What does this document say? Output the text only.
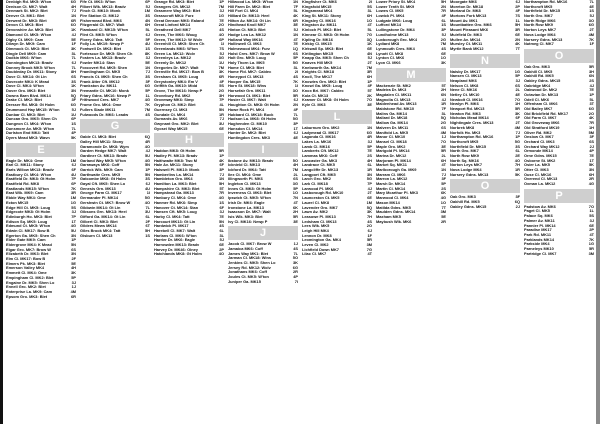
6G
Denbigh Rd. MK5: W'ton
4H
Denison Ct. MK7: Walt
7J
Denmark St. MK2: Blet
1N
Denver Ct. MK1: Blet
6R
Derwent Dr. MK3: Blet
6O
Devon Cl. MK3: Blet
1K
Devonshire Av. MK3: Blet
4J
Diamond Ct. MK5: W'ton
5E
Digby Ct. MK9: Cam
1F
Dilwyn Dr. MK9: Cam
3K
Dimmock Ct. MK3: Blet
3L
Dingle Dell MK9: Cam
7L
Dodkin MK6: W'ton
6J
Donnington MK13: Bradv
7L
Donney Brook MK5: W'ton
8H
Doubleday Dr. MK11: Stony
6S
Dove Cl. MK14: Gt Lin
3S
Dovecote MK4: K Mead
1K
Dove Cl. MK4: W'ton
3N
Dover Gro. MK3: Blet
5Q
Downs Barn Blvd. MK14
3F
Drake Cl. MK2: Blet
6G
Dresser Rd. MK8: Gt Holm
5J
Drummond Hay MK15: W'ton
1U
Dunbar Cl. MK3: Blet
6P
Duncan Gro. MK5: Shen Ch
1S
Dungeon Cl. MK4: W'ton
7L
Dunsmore Av. MK5: W'ton
4P
Durlston End MK4: Tatt
5K
Dyers Mead MK3: Wavn
E
1M
Eagle Dr. MK4: Ome
6J
Earl Cl. MK11: Stony
6F
Earls Willow MK13: Bradv
4U
Eastbury Ct. MK4: W'ton
7P
Eastfield Dr. MK8: Gt Holm
6P
Eastfield Rd. MK8
7K
Eastlands MK15: W'ton
3R
East Wlk. MK9: Cam
1M
Ebble Way MK4: Ome
1G
Ecton MK15
5S
Edge Hill Ct. MK5: Loug
3J
Edgecote MK8: Gt Holm
7P
Edinburgh Ho. MK3: Blet
1T
Edison Sq. MK5: Loug
4G
Edmund Ct. MK5: W'ton
5U
Edwin Cl. MK17: Bow B
3N
Egerton Ga. MK5: Shen Ch
1P
Elder Gate MK9: Cam
5N
Eldergrove MK4: K Mead
6S
Elgar Gro. MK7: Brow W
3N
Elizabeth Dr. MK3: Blet
2F
Elm Cl. MK17: Bow B
5E
Elmers Pk. MK3: Blet
4H
Emerson Valley MK4
3K
Emmett Cl. MK4: Ome
5P
Empingham Cl. MK2: Blet
3J
Engaine Dr. MK5: Shen Lo
1J
Ennell Gro. MK2: Blet
4M
Enterprise La. MK9: Cam
6R
Epsom Gro. MK3: Blet
6P
Fife Ct. MK3: W'ton
5J
Filbert Wlk. MK13: Bradv
1M
Finch Cl. MK10: Monk
3S
Fire Station Cl. MK12
4N
Fishermead Blvd. MK6
6H
Fitzgerald Ct. MK7: Walt
5L
Flambard Cl. MK15: W'ton
6J
Flint Ct. MK5: W'ton
5F
Florey Gdns. MK4: Tatt
4U
Folly La. MK19: Newp P
1S
Fontwell Dr. MK3: Blet
8K
Fortescue Dr. MK5: Shen Ch
3J
Fosters La. MK13: Bradv
5E
Fowler MK14: Stan
1N
Foxcovert Rd. MK5: Shen
7J
Framlingham Ct. MK5
3S
Francis Ct. MK5: Shen Ch
3F
Frank Atter Cft. MK12
6G
Frankston Av. MK11
5P
Fremantle Ct. MK10: Monk
1L
Friary Gdns. MK16: Newp P
4G
Frithwood Cres. MK7
7K
Frome Gro. MK4: Ome
7M
Fullers Slade MK11
4S
Fulwoods Dr. MK6: Leadw
G
6Q
Gable Cl. MK3: Blet
4R
Galley Hill MK11: Stony
4O
Garamonde Dr. MK8: Wym
4J
Garden Hedge MK7: Walt
5U
Gardiner Ct. MK13: Bradv
4G
Garland Way MK5: W'ton
5N
Garraways MK6: Coff
1P
Garrick Wlk. MK9: Cam
5N
Garthwaite Cres. MK5
3S
Gatcombe MK8: Gt Holm
6J
Gayal Cft. MK5: Shen Lo
4U
Genesis Grn. MK13
1I
George Farm Cl. MK17
5G
Germander Pl. MK14
4O
Gershwin Ct. MK7: Brow W
7L
Gibbwin MK14: Gt Lin
3U
Gibsons Grn. MK13: Heel
6L
Gifford Ga. MK14: Gt Lin
2F
Gilbert Cl. MK3: Blet
6T
Gilders Mews MK14
5H
Giles Brook MK4: Tatt
1S
Gisburn Cl. MK13
1P
Grange Rd. MK3: Blet
7M
Grangers Cft. MK12
3J
Grasmere Way MK2: Blet
1G
Grasscroft MK4: Furz
7E
Great Denson MK6: Ealand
2O
Great Linford MK14
4S
Greatheed Dell MK7
4O
Green, The MK6: Woug
6P
Green, The MK12: W Wolv
1I
Greenhill Cl. MK5: Shen Ch
7S
Greenlands MK6: W'ton
5J
Green La. MK12: Wolv
3G
Greenleys La. MK12
1U
Greenly Dr. MK12
7M
Gregories Dr. MK7: Walt
3K
Grenville Rd. MK17: Bow B
6R
Gresham Ct. MK5: Loug
4F
Greystonley MK4: Em V
5S
Griffith Ga. MK10: Midd
2G
Grove, The MK16: Newp P
3H
Grovebury Rd. MK2
7P
Groveway MK6: Simp
4L
Gryphon Ct. MK2: Blet
5N
Guernsey Cl. MK3
1R
Gundale Ct. MK4
7J
Gurnards Av. MK6
3U
Gwynant Gro. MK2: Blet
6E
Gyosei Way MK15
H
5R
Haddon MK8: Gt Holm
1P
Hadley Pl. MK13: Bradv
4K
Haithwaite MK8: Two M
6F
Hale Av. MK11: Stony
3P
Halswell Pl. MK10: Monk
7J
Hamberlins La. MK14
1N
Hambleton Gro. MK4
5H
Hamilton La. MK3: Blet
5T
Hampshire Ct. MK3: Blet
7R
Hampstead Ga. MK13
4G
Hanbury Cl. MK4: Ome
1S
Hanmer Rd. MK6: Simp
6F
Hanover Ct. MK14: Stan
3J
Hansen Cft. MK5: Loug
7E
Harby Cl. MK4: Tatt
5N
Harcourt MK13: Gt Lin
4S
Hardwick Pl. MK17
6L
Harebell Cl. MK7: Walt
3L
Harlans Cl. MK6: W'ton
5J
Harrier Dr. MK6: Eagle
6E
Harrowden MK13: Bradv
2P
Harvey Dr. MK46: Olney
4O
Hatchlands MK8: Gt Holm
1N
Hillwood La. MK5: W'ton
7F
Hill Farm Dr. MK2: Blet
5L
Hill Fort Cl. MK4
4K
Hilliard Dr. MK13: Heel
6R
Hilton Av. MK14: Gt Lin
3E
Hindhead Knoll MK7
5J
Hinton Ct. MK3: Blet
1N
Hodge Lea La. MK12
4T
Holland Way MK16
7E
Hollinwell Cl. MK3
1Q
Holmewood MK4: Furz
6S
Holst Cres. MK7: Brow W
5P
Holt Gro. MK5: Loug
5G
Holy Thorn La. MK5
3L
Home Cl. MK3: Blet
2I
Home Fld. MK7: Caldec
4S
Honeypot Cl. MK13
7K
Hooper Ga. MK15
1I
Horn St. MK18: Wins
3O
Horsefair Grn. MK11
5R
Horwood Ct. MK1: Blet
6J
Hosier Cl. MK7: Walt
2N
Houghton Ct. MK8: Gt Holm
4F
Howe Rock Pl. MK4
7L
Hubbard Cl. MK18: Buck
5G
Hudson La. MK8: Gt Holm
3P
Hughenden Cl. MK10
1T
Hunsdon Cl. MK14
6J
Hunter Dr. MK2: Blet
4E
Huntingdon Cres. MK3
I
5O
Ibstone Av. MK13: Bradv
4H
Icknield Cl. MK13
7M
Ickford Dr. MK4: Tatt
2L
Ilex Ct. MK4: Ome
6S
Illingworth Pl. MK6
3G
Ingleton Cl. MK13
5P
Innes Ct. MK8: Gt Holm
1O
Inverness Cl. MK3: Blet
7N
Ipswich Ct. MK5: W'ton
4T
Irish Dr. MK6: Eagle
6K
Ironstone La. MK13
2H
Isaacson Dr. MK7: Walt
5R
Isis Wlk. MK3: Blet
3E
Ivy Cl. MK16: Newp P
J
1J
Jacob Cl. MK7: Brow W
4S
Jamaica MK6: Coff
7L
James Way MK1: Blet
5O
Jarman Cl. MK18: Wins
3K
Jenkins Cl. MK5: Shen Lo
6G
Jersey Rd. MK12: Wolv
2R
Jonathans MK6: Coff
4P
Joules Ct. MK5: W'ton
7I
Juniper Ga. MK15
2I
Kingfisher Ct. MK6
5S
Kingsfold MK15
3L
Kingsmead MK4
6H
King St. MK11: Stony
1O
Kingsley Cl. MK16
4T
Kingston Av. MK11
5L
Kinloch Pl. MK2: Blet
7G
Kinnear Cl. MK8: Gt Holm
3Q
Kipling Dr. MK16
1K
Kirkby Cl. MK15
6E
Kirkwall Sp. MK3: Blet
4N
Kirtlington MK15
5J
Knapp Ga. MK5: Shen Ch
2T
Knaves Hill MK5
7M
Knebworth Ga. MK14
3R
Knights Cl. MK18
6H
Knoll, The MK17
1P
Knowles Grn. MK2: Blet
4F
Knowl Ga. MK5: Loug
5T
Knox Bri. MK7: Caldec
2K
Kola Ct. MK13
7O
Kramer Ct. MK8: Gt Holm
3E
Kyle Cl. MK3
L
1N
Laburnum Gro. MK2
6G
Ladymead Cl. MK17
4R
Lagonda Cl. MK16
3J
Lakes La. MK16
5P
Lamb Cl. MK16
7E
Lamberts Cft. MK12
2S
Lammas MK6: Coff
4H
Lancaster Ga. MK3
6L
Landrace Ct. MK5
1R
Langcliffe Dr. MK13
3N
Langport Cft. MK5
5G
Larch Gro. MK2
7P
Lark Cl. MK18
4J
Larwood Pl. MK6
2T
Lasborough Rd. MK10
6E
Launceston Ct. MK5
1M
Laurel Cl. MK8
5Q
Lavender Gro. MK7
3K
Lawn Av. MK2
7H
Leasowe Pl. MK13
4S
Ledsham Cl. MK13
2O
Lees Wlk. MK5
6J
Leigh Hill MK4
1F
Lennon Dr. MK8
5R
Leomington Ga. MK4
3M
Leven Cl. MK2
7G
Lichfield Down MK7
4T
Lilac Cl. MK7
5H
Lower Priory St. MK4
2N
Lower Tenth St. MK9
7R
Lowes Cl. MK5
4F
Lowick Pl. MK4
6L
Ludgate MK6: Loug
1S
Lufford MK14
3P
Lullingstone Dr. MK4
5J
Lundholme MK13
2G
Luxborough Gro. MK4
7M
Lydiard MK8
4S
Lynmouth Cres. MK4
6E
Lynott Cl. MK8
1O
Lynton Cl. MK6
3K
Lyon Cl. MK6
M
5T
Mackenzie St. MK2
2H
Madeira Dr. MK3
6N
Magdalen Cl. MK11
4J
Magnolia Cl. MK13
1R
Maidenhead Av. MK13
7F
Maidstone Rd. MK10
3L
Malins Ga. MK14
5Q
Mallard Dr. MK18
2G
Mallow Ga. MK14
6S
Malvern Dr. MK11
4M
Manifold La. MK5
1J
Manor Cl. MK10
7O
Mansel Cl. MK18
3E
Maple Gro. MK2
5R
Marigold Pl. MK14
2L
Marina Dr. MK12
6H
Marjoram Pl. MK14
4T
Market Sq. MK11
1N
Marlborough Ga. MK9
7J
Marram Cl. MK6
3F
Marron La. MK12
5P
Marsh Dr. MK14
2S
Martin Cl. MK14
6K
Mary Mcarthur Pl. MK3
4G
Marwood Cl. MK4
1O
Mason MK14
7T
Matilda Gdns. MK5
3M
Maulden Gdns. MK14
5E
Maxham MK5
2R
Maybush Wlk. MK6
6J
Moorgate MK6
2P
Moreton Dr. MK18
4F
Morland Dr. MK8
7S
Mortons Fork MK13
1L
Mount Av. MK1
5H
Mountbatten Gro. MK6
3R
Mount Pleasant MK6
6E
Muirfield Dr. MK3
2N
Mullen Av. MK14
4K
Mursley Ct. MK11
7T
Myrtle Bank MK12
N
1G
Naisby Dr. MK17
5P
Nansen Cl. MK13
3J
Neapland MK6
6S
Nelson Cl. MK8
2L
Nene Cl. MK16
4E
Netley Ct. MK10
7O
Newbolt Cl. MK16
1H
Newlyn Pl. MK6
5R
Newport Rd. MK13
3K
Newton Rd. MK3
6F
Nicholas Mead MK14
2T
Nightingale Cres. MK13
4M
Norbrek MK8
7J
Norfolk Ho. MK3
1P
Northampton Rd. MK16
5G
Northcroft MK5
3S
Northfield Dr. MK15
6L
North Gro. MK7
2E
North Row MK9
4O
North Sq. MK16
7H
Norton Leys MK7
1R
Nova Lodge MK4
5K
Nursery Gdns. MK13
O
3F
Oak Gro. MK3
6Q
Oakhill Rd. MK5
2J
Oakley Gdns. MK15
7L
Northampton Rd. MK16
4E
Northcroft MK5
1S
Northfield Dr. MK15
5J
North Gro. MK7
3O
North Ridge MK6
6G
North Row MK9
2T
Norton Leys MK7
4M
Nova Lodge MK4
7K
Nursery Gdns. MK13
1F
Nutmeg Cl. MK7
O
5R
Oak Gro. MK3
3H
Oakhill Cl. MK5
6N
Oakhill Rd. MK5
2S
Oakley Gdns. MK15
4J
Oakridge MK4
7E
Oakwood Dr. MK2
1P
Octavian Dr. MK13
5L
Odell Cl. MK6
3T
Offenham Cl. MK6
6G
Old Bailey MK7
2O
Old Brickfield Rd. MK17
4K
Old Farm Cl. MK7
7R
Old Groveway MK6
1H
Old Stratford MK19
5M
Oliver Rd. MK2
3F
Onslow Ct. MK7
6S
Orchard Cl. MK3
2J
Orchard Way MK12
4P
Ormonde MK14
7E
Orne Gdns. MK15
1T
Osborne St. MK2
5K
Osier La. MK5
3N
Otter Cl. MK3
6H
Ouse Cl. MK16
2R
Overend Cl. MK13
4G
Oxman La. MK12
P
7O
Padstow Av. MK6
1L
Paget Cl. MK5
5S
Palace Sq. MK6
3J
Palmer Av. MK11
6E
Pannier Pl. MK14
2P
Paradise MK17
4T
Park Rd. MK11
7K
Parklands MK14
1G
Parkside MK4
5R
Parneleys MK10
3M
Partridge Cl. MK7
